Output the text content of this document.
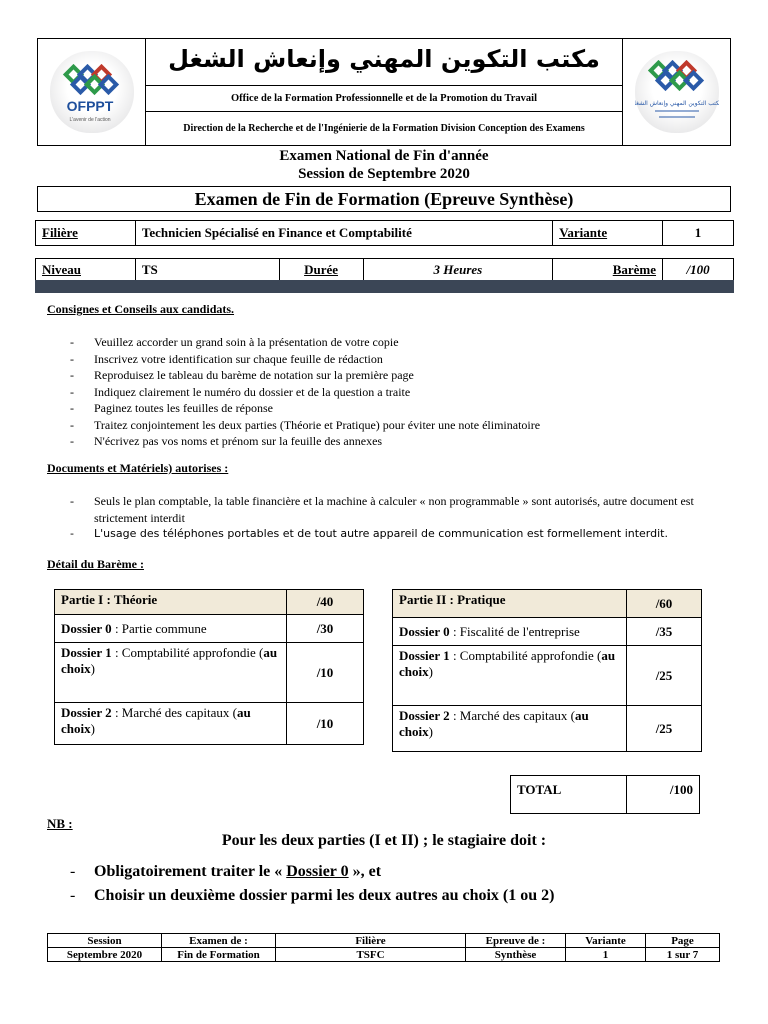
OFPPT
L'avenir de l'action
مكتب التكوين المهني وإنعاش الشغل
Office de la Formation Professionnelle et de la Promotion du Travail
Direction de la Recherche et de l'Ingénierie de la Formation Division Conception des Examens
مكتب التكوين المهني وإنعاش الشغل
Examen National de Fin d'année
Session de Septembre 2020
Examen de Fin de Formation (Epreuve Synthèse)
Filière	Technicien Spécialisé en Finance et Comptabilité	Variante	1
Niveau	TS	Durée	3 Heures	Barème	/100
Consignes et Conseils aux candidats.
- Veuillez accorder un grand soin à la présentation de votre copie
- Inscrivez votre identification sur chaque feuille de rédaction
- Reproduisez le tableau du barème de notation sur la première page
- Indiquez clairement le numéro du dossier et de la question a traite
- Paginez toutes les feuilles de réponse
- Traitez conjointement les deux parties (Théorie et Pratique) pour éviter une note éliminatoire
- N'écrivez pas vos noms et prénom sur la feuille des annexes
Documents et Matériels) autorises :
- Seuls le plan comptable, la table financière et la machine à calculer « non programmable » sont autorisés, autre document est strictement interdit
- L'usage des téléphones portables et de tout autre appareil de communication est formellement interdit.
Détail du Barème :
Partie I : Théorie	/40
Dossier 0 : Partie commune	/30
Dossier 1 : Comptabilité approfondie (au choix)	/10
Dossier 2 : Marché des capitaux (au choix)	/10
Partie II : Pratique	/60
Dossier 0 : Fiscalité de l'entreprise	/35
Dossier 1 : Comptabilité approfondie (au choix)	/25
Dossier 2 : Marché des capitaux (au choix)	/25
TOTAL	/100
NB :
Pour les deux parties (I et II) ; le stagiaire doit :
- Obligatoirement traiter le « Dossier 0 », et
- Choisir un deuxième dossier parmi les deux autres au choix (1 ou 2)
Session	Examen de :	Filière	Epreuve de :	Variante	Page
Septembre 2020	Fin de Formation	TSFC	Synthèse	1	1 sur 7
